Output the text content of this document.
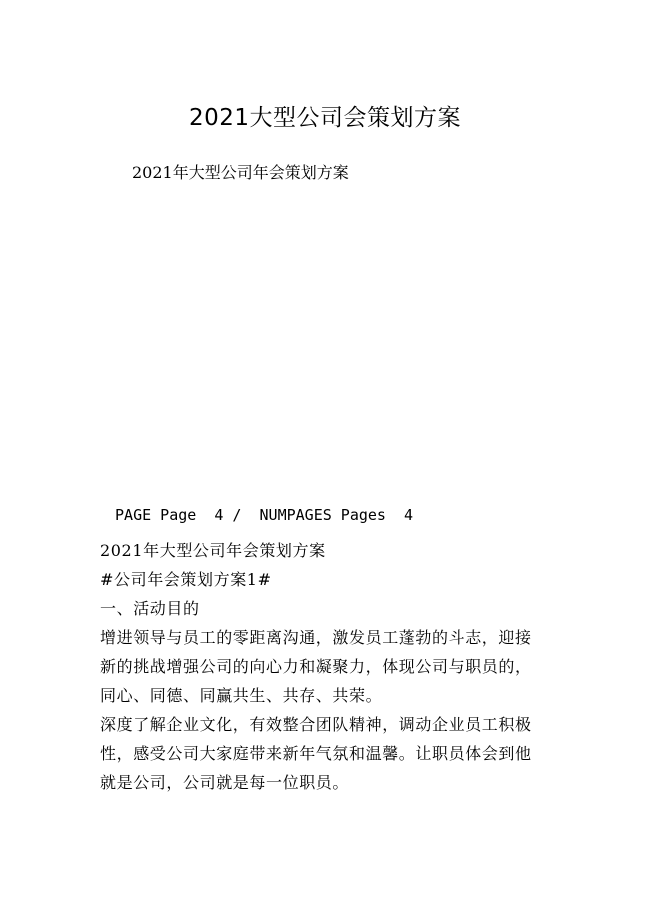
2021大型公司会策划方案
2021年大型公司年会策划方案
PAGE Page  4 /  NUMPAGES Pages  4
2021年大型公司年会策划方案
#公司年会策划方案1#
一、活动目的
增进领导与员工的零距离沟通，激发员工蓬勃的斗志，迎接
新的挑战增强公司的向心力和凝聚力，体现公司与职员的，
同心、同德、同赢共生、共存、共荣。
深度了解企业文化，有效整合团队精神，调动企业员工积极
性，感受公司大家庭带来新年气氛和温馨。让职员体会到他
就是公司，公司就是每一位职员。
